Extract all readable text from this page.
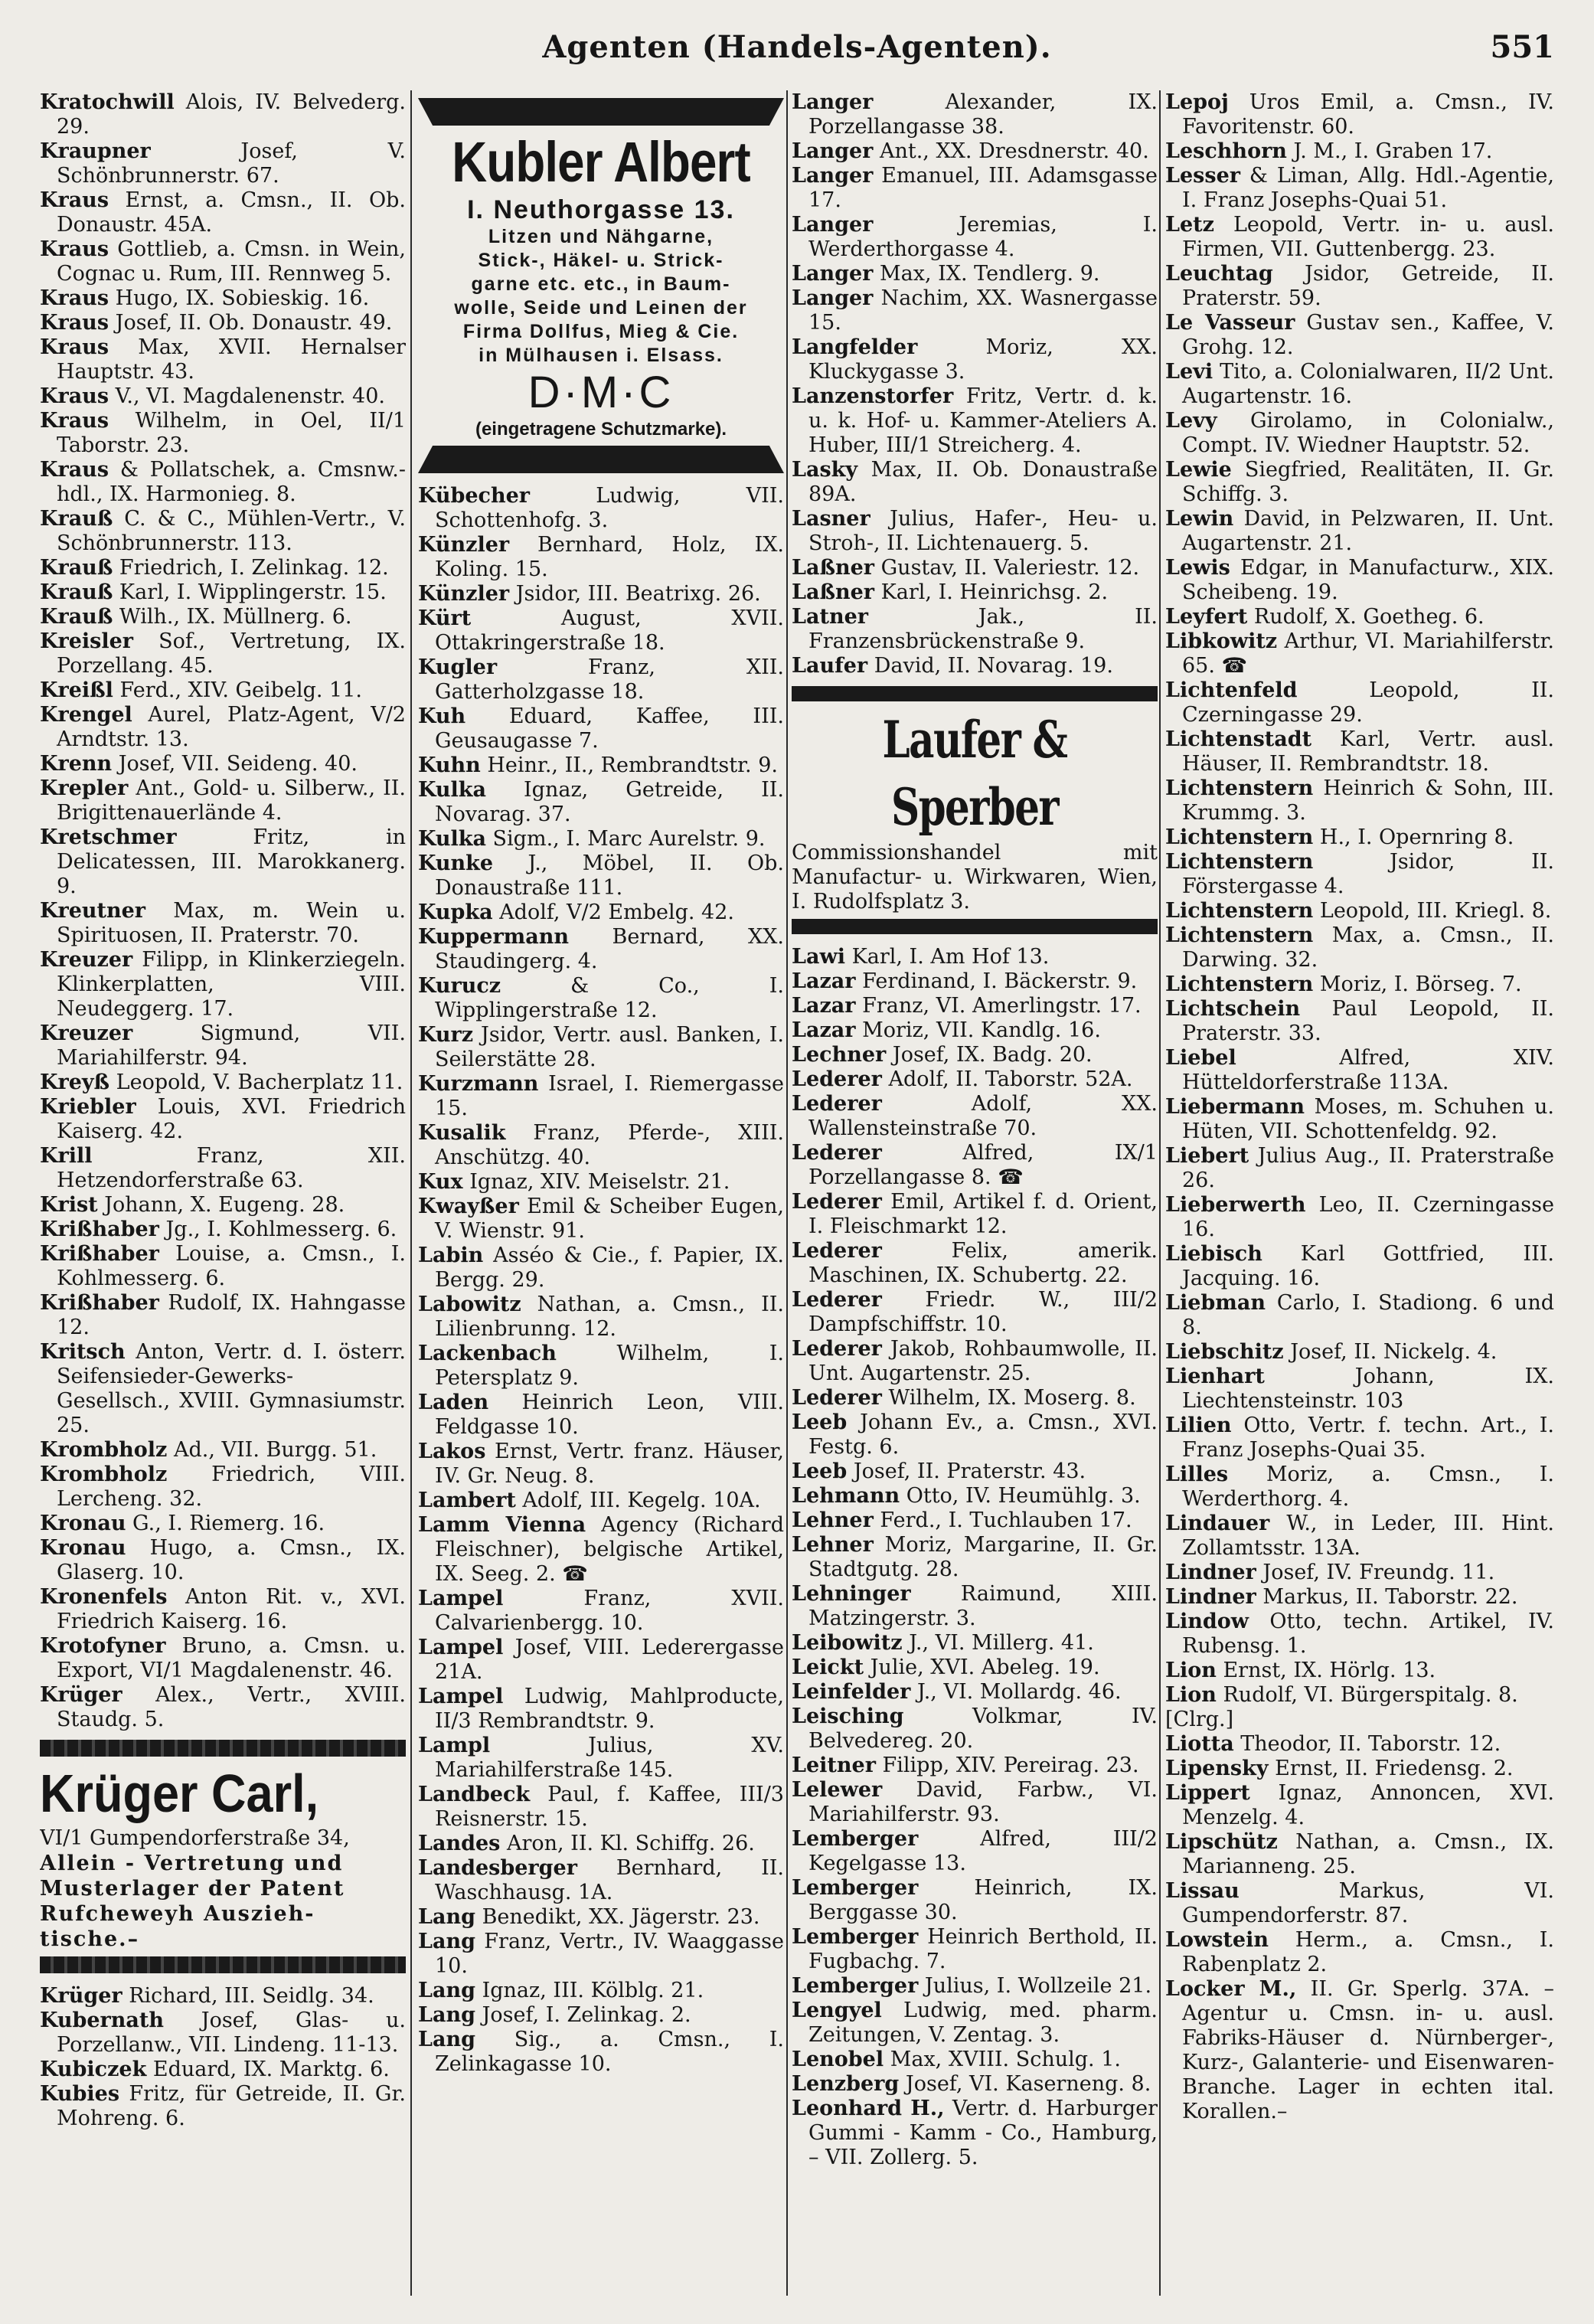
Agenten (Handels-Agenten).	551

Kratochwill Alois, IV. Belvederg. 29.

Kraupner Josef, V. Schönbrunnerstr. 67.

Kraus Ernst, a. Cmsn., II. Ob. Donaustr. 45A.

Kraus Gottlieb, a. Cmsn. in Wein, Cognac u. Rum, III. Rennweg 5.

Kraus Hugo, IX. Sobieskig. 16.

Kraus Josef, II. Ob. Donaustr. 49.

Kraus Max, XVII. Hernalser Hauptstr. 43.

Kraus V., VI. Magdalenenstr. 40.

Kraus Wilhelm, in Oel, II/1 Taborstr. 23.

Kraus & Pollatschek, a. Cmsnw.-hdl., IX. Harmonieg. 8.

Krauß C. & C., Mühlen-Vertr., V. Schönbrunnerstr. 113.

Krauß Friedrich, I. Zelinkag. 12.

Krauß Karl, I. Wipplingerstr. 15.

Krauß Wilh., IX. Müllnerg. 6.

Kreisler Sof., Vertretung, IX. Porzellang. 45.

Kreißl Ferd., XIV. Geibelg. 11.

Krengel Aurel, Platz-Agent, V/2 Arndtstr. 13.

Krenn Josef, VII. Seideng. 40.

Krepler Ant., Gold- u. Silberw., II. Brigittenauerlände 4.

Kretschmer Fritz, in Delicatessen, III. Marokkanerg. 9.

Kreutner Max, m. Wein u. Spirituosen, II. Praterstr. 70.

Kreuzer Filipp, in Klinkerziegeln. Klinkerplatten, VIII. Neudeggerg. 17.

Kreuzer Sigmund, VII. Mariahilferstr. 94.

Kreyß Leopold, V. Bacherplatz 11.

Kriebler Louis, XVI. Friedrich Kaiserg. 42.

Krill Franz, XII. Hetzendorferstraße 63.

Krist Johann, X. Eugeng. 28.

Krißhaber Jg., I. Kohlmesserg. 6.

Krißhaber Louise, a. Cmsn., I. Kohlmesserg. 6.

Krißhaber Rudolf, IX. Hahngasse 12.

Kritsch Anton, Vertr. d. I. österr. Seifensieder-Gewerks-Gesellsch., XVIII. Gymnasiumstr. 25.

Krombholz Ad., VII. Burgg. 51.

Krombholz Friedrich, VIII. Lercheng. 32.

Kronau G., I. Riemerg. 16.

Kronau Hugo, a. Cmsn., IX. Glaserg. 10.

Kronenfels Anton Rit. v., XVI. Friedrich Kaiserg. 16.

Krotofyner Bruno, a. Cmsn. u. Export, VI/1 Magdalenenstr. 46.

Krüger Alex., Vertr., XVIII. Staudg. 5.

Krüger Carl,
VI/1 Gumpendorferstraße 34,
Allein - Vertretung und
Musterlager der Patent
Rufcheweyh Auszieh-
tische.–

Krüger Richard, III. Seidlg. 34.

Kubernath Josef, Glas- u. Porzellanw., VII. Lindeng. 11-13.

Kubiczek Eduard, IX. Marktg. 6.

Kubies Fritz, für Getreide, II. Gr. Mohreng. 6.

Kubler Albert
I. Neuthorgasse 13.
Litzen und Nähgarne,
Stick-, Häkel- u. Strick-
garne etc. etc., in Baum-
wolle, Seide und Leinen der
Firma Dollfus, Mieg & Cie.
in Mülhausen i. Elsass.
D·M·C
(eingetragene Schutzmarke).

Kübecher Ludwig, VII. Schottenhofg. 3.

Künzler Bernhard, Holz, IX. Koling. 15.

Künzler Jsidor, III. Beatrixg. 26.

Kürt August, XVII. Ottakringerstraße 18.

Kugler Franz, XII. Gatterholzgasse 18.

Kuh Eduard, Kaffee, III. Geusaugasse 7.

Kuhn Heinr., II., Rembrandtstr. 9.

Kulka Ignaz, Getreide, II. Novarag. 37.

Kulka Sigm., I. Marc Aurelstr. 9.

Kunke J., Möbel, II. Ob. Donaustraße 111.

Kupka Adolf, V/2 Embelg. 42.

Kuppermann Bernard, XX. Staudingerg. 4.

Kurucz & Co., I. Wipplingerstraße 12.

Kurz Jsidor, Vertr. ausl. Banken, I. Seilerstätte 28.

Kurzmann Israel, I. Riemergasse 15.

Kusalik Franz, Pferde-, XIII. Anschützg. 40.

Kux Ignaz, XIV. Meiselstr. 21.

Kwayßer Emil & Scheiber Eugen, V. Wienstr. 91.

Labin Asséo & Cie., f. Papier, IX. Bergg. 29.

Labowitz Nathan, a. Cmsn., II. Lilienbrunng. 12.

Lackenbach Wilhelm, I. Petersplatz 9.

Laden Heinrich Leon, VIII. Feldgasse 10.

Lakos Ernst, Vertr. franz. Häuser, IV. Gr. Neug. 8.

Lambert Adolf, III. Kegelg. 10A.

Lamm Vienna Agency (Richard Fleischner), belgische Artikel, IX. Seeg. 2. ☎

Lampel Franz, XVII. Calvarienbergg. 10.

Lampel Josef, VIII. Lederergasse 21A.

Lampel Ludwig, Mahlproducte, II/3 Rembrandtstr. 9.

Lampl Julius, XV. Mariahilferstraße 145.

Landbeck Paul, f. Kaffee, III/3 Reisnerstr. 15.

Landes Aron, II. Kl. Schiffg. 26.

Landesberger Bernhard, II. Waschhausg. 1A.

Lang Benedikt, XX. Jägerstr. 23.

Lang Franz, Vertr., IV. Waaggasse 10.

Lang Ignaz, III. Kölblg. 21.

Lang Josef, I. Zelinkag. 2.

Lang Sig., a. Cmsn., I. Zelinkagasse 10.

Langer Alexander, IX. Porzellangasse 38.

Langer Ant., XX. Dresdnerstr. 40.

Langer Emanuel, III. Adamsgasse 17.

Langer Jeremias, I. Werderthorgasse 4.

Langer Max, IX. Tendlerg. 9.

Langer Nachim, XX. Wasnergasse 15.

Langfelder Moriz, XX. Kluckygasse 3.

Lanzenstorfer Fritz, Vertr. d. k. u. k. Hof- u. Kammer-Ateliers A. Huber, III/1 Streicherg. 4.

Lasky Max, II. Ob. Donaustraße 89A.

Lasner Julius, Hafer-, Heu- u. Stroh-, II. Lichtenauerg. 5.

Laßner Gustav, II. Valeriestr. 12.

Laßner Karl, I. Heinrichsg. 2.

Latner Jak., II. Franzensbrückenstraße 9.

Laufer David, II. Novarag. 19.

Laufer & Sperber
Commissionshandel mit Manufactur- u. Wirkwaren, Wien, I. Rudolfsplatz 3.

Lawi Karl, I. Am Hof 13.

Lazar Ferdinand, I. Bäckerstr. 9.

Lazar Franz, VI. Amerlingstr. 17.

Lazar Moriz, VII. Kandlg. 16.

Lechner Josef, IX. Badg. 20.

Lederer Adolf, II. Taborstr. 52A.

Lederer Adolf, XX. Wallensteinstraße 70.

Lederer Alfred, IX/1 Porzellangasse 8. ☎

Lederer Emil, Artikel f. d. Orient, I. Fleischmarkt 12.

Lederer Felix, amerik. Maschinen, IX. Schubertg. 22.

Lederer Friedr. W., III/2 Dampfschiffstr. 10.

Lederer Jakob, Rohbaumwolle, II. Unt. Augartenstr. 25.

Lederer Wilhelm, IX. Moserg. 8.

Leeb Johann Ev., a. Cmsn., XVI. Festg. 6.

Leeb Josef, II. Praterstr. 43.

Lehmann Otto, IV. Heumühlg. 3.

Lehner Ferd., I. Tuchlauben 17.

Lehner Moriz, Margarine, II. Gr. Stadtgutg. 28.

Lehninger Raimund, XIII. Matzingerstr. 3.

Leibowitz J., VI. Millerg. 41.

Leickt Julie, XVI. Abeleg. 19.

Leinfelder J., VI. Mollardg. 46.

Leisching Volkmar, IV. Belvedereg. 20.

Leitner Filipp, XIV. Pereirag. 23.

Lelewer David, Farbw., VI. Mariahilferstr. 93.

Lemberger Alfred, III/2 Kegelgasse 13.

Lemberger Heinrich, IX. Berggasse 30.

Lemberger Heinrich Berthold, II. Fugbachg. 7.

Lemberger Julius, I. Wollzeile 21.

Lengyel Ludwig, med. pharm. Zeitungen, V. Zentag. 3.

Lenobel Max, XVIII. Schulg. 1.

Lenzberg Josef, VI. Kaserneng. 8.

Leonhard H., Vertr. d. Harburger Gummi - Kamm - Co., Hamburg, – VII. Zollerg. 5.

Lepoj Uros Emil, a. Cmsn., IV. Favoritenstr. 60.

Leschhorn J. M., I. Graben 17.

Lesser & Liman, Allg. Hdl.-Agentie, I. Franz Josephs-Quai 51.

Letz Leopold, Vertr. in- u. ausl. Firmen, VII. Guttenbergg. 23.

Leuchtag Jsidor, Getreide, II. Praterstr. 59.

Le Vasseur Gustav sen., Kaffee, V. Grohg. 12.

Levi Tito, a. Colonialwaren, II/2 Unt. Augartenstr. 16.

Levy Girolamo, in Colonialw., Compt. IV. Wiedner Hauptstr. 52.

Lewie Siegfried, Realitäten, II. Gr. Schiffg. 3.

Lewin David, in Pelzwaren, II. Unt. Augartenstr. 21.

Lewis Edgar, in Manufacturw., XIX. Scheibeng. 19.

Leyfert Rudolf, X. Goetheg. 6.

Libkowitz Arthur, VI. Mariahilferstr. 65. ☎

Lichtenfeld Leopold, II. Czerningasse 29.

Lichtenstadt Karl, Vertr. ausl. Häuser, II. Rembrandtstr. 18.

Lichtenstern Heinrich & Sohn, III. Krummg. 3.

Lichtenstern H., I. Opernring 8.

Lichtenstern Jsidor, II. Förstergasse 4.

Lichtenstern Leopold, III. Kriegl. 8.

Lichtenstern Max, a. Cmsn., II. Darwing. 32.

Lichtenstern Moriz, I. Börseg. 7.

Lichtschein Paul Leopold, II. Praterstr. 33.

Liebel Alfred, XIV. Hütteldorferstraße 113A.

Liebermann Moses, m. Schuhen u. Hüten, VII. Schottenfeldg. 92.

Liebert Julius Aug., II. Praterstraße 26.

Lieberwerth Leo, II. Czerningasse 16.

Liebisch Karl Gottfried, III. Jacquing. 16.

Liebman Carlo, I. Stadiong. 6 und 8.

Liebschitz Josef, II. Nickelg. 4.

Lienhart Johann, IX. Liechtensteinstr. 103

Lilien Otto, Vertr. f. techn. Art., I. Franz Josephs-Quai 35.

Lilles Moriz, a. Cmsn., I. Werderthorg. 4.

Lindauer W., in Leder, III. Hint. Zollamtsstr. 13A.

Lindner Josef, IV. Freundg. 11.

Lindner Markus, II. Taborstr. 22.

Lindow Otto, techn. Artikel, IV. Rubensg. 1.

Lion Ernst, IX. Hörlg. 13.

Lion Rudolf, VI. Bürgerspitalg. 8.

[Clrg.]

Liotta Theodor, II. Taborstr. 12.

Lipensky Ernst, II. Friedensg. 2.

Lippert Ignaz, Annoncen, XVI. Menzelg. 4.

Lipschütz Nathan, a. Cmsn., IX. Marianneng. 25.

Lissau Markus, VI. Gumpendorferstr. 87.

Lowstein Herm., a. Cmsn., I. Rabenplatz 2.

Locker M., II. Gr. Sperlg. 37A. – Agentur u. Cmsn. in- u. ausl. Fabriks-Häuser d. Nürnberger-, Kurz-, Galanterie- und Eisenwaren-Branche. Lager in echten ital. Korallen.–
